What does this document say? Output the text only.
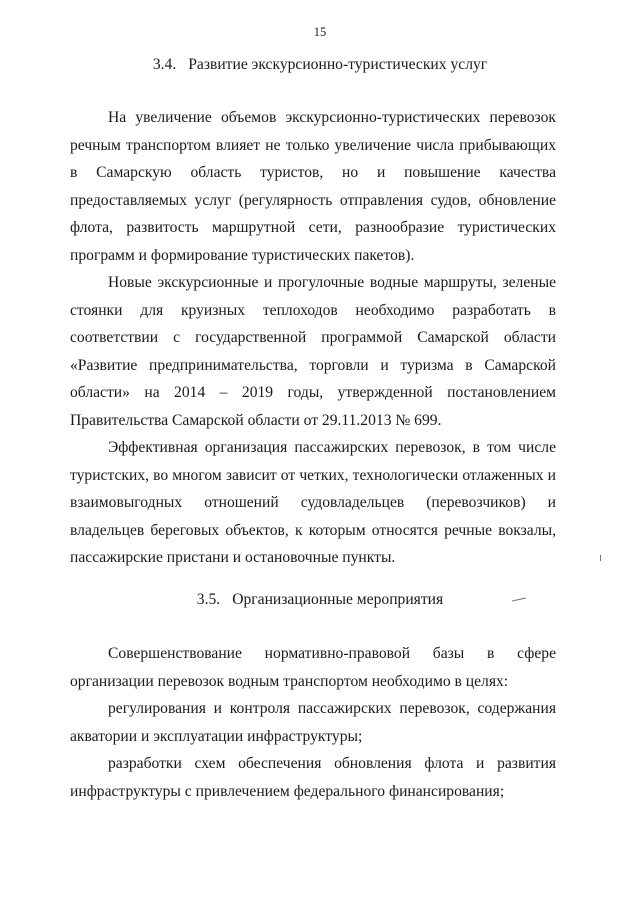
15
3.4. Развитие экскурсионно-туристических услуг

На увеличение объемов экскурсионно-туристических перевозок речным транспортом влияет не только увеличение числа прибывающих в Самарскую область туристов, но и повышение качества предоставляемых услуг (регулярность отправления судов, обновление флота, развитость маршрутной сети, разнообразие туристических программ и формирование туристических пакетов).

Новые экскурсионные и прогулочные водные маршруты, зеленые стоянки для круизных теплоходов необходимо разработать в соответствии с государственной программой Самарской области «Развитие предпринимательства, торговли и туризма в Самарской области» на 2014 – 2019 годы, утвержденной постановлением Правительства Самарской области от 29.11.2013 № 699.

Эффективная организация пассажирских перевозок, в том числе туристских, во многом зависит от четких, технологически отлаженных и взаимовыгодных отношений судовладельцев (перевозчиков) и владельцев береговых объектов, к которым относятся речные вокзалы, пассажирские пристани и остановочные пункты.

3.5. Организационные мероприятия

Совершенствование нормативно-правовой базы в сфере организации перевозок водным транспортом необходимо в целях:

регулирования и контроля пассажирских перевозок, содержания акватории и эксплуатации инфраструктуры;

разработки схем обеспечения обновления флота и развития инфраструктуры с привлечением федерального финансирования;
